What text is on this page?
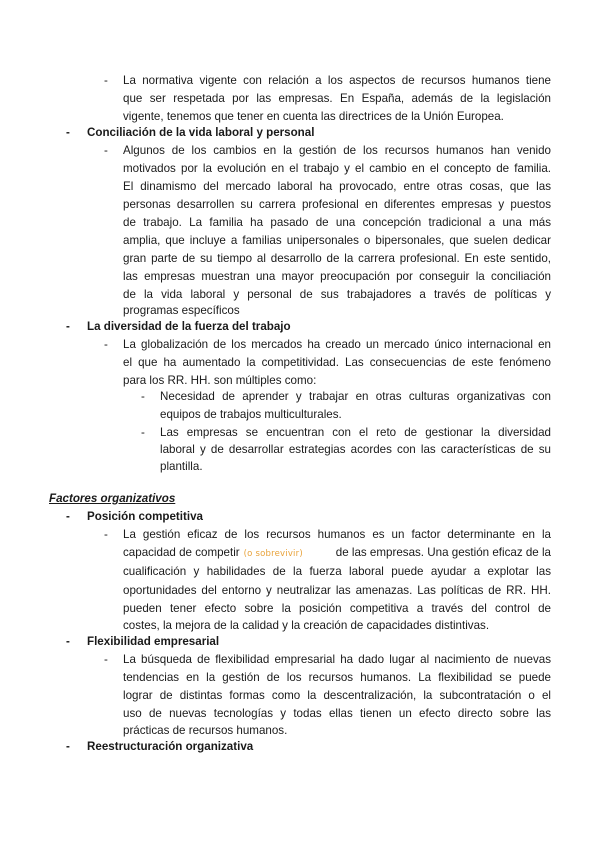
- La normativa vigente con relación a los aspectos de recursos humanos tiene
que ser respetada por las empresas. En España, además de la legislación
vigente, tenemos que tener en cuenta las directrices de la Unión Europea.
- Conciliación de la vida laboral y personal
- Algunos de los cambios en la gestión de los recursos humanos han venido
motivados por la evolución en el trabajo y el cambio en el concepto de familia.
El dinamismo del mercado laboral ha provocado, entre otras cosas, que las
personas desarrollen su carrera profesional en diferentes empresas y puestos
de trabajo. La familia ha pasado de una concepción tradicional a una más
amplia, que incluye a familias unipersonales o bipersonales, que suelen dedicar
gran parte de su tiempo al desarrollo de la carrera profesional. En este sentido,
las empresas muestran una mayor preocupación por conseguir la conciliación
de la vida laboral y personal de sus trabajadores a través de políticas y
programas específicos
- La diversidad de la fuerza del trabajo
- La globalización de los mercados ha creado un mercado único internacional en
el que ha aumentado la competitividad. Las consecuencias de este fenómeno
para los RR. HH. son múltiples como:
- Necesidad de aprender y trabajar en otras culturas organizativas con
equipos de trabajos multiculturales.
- Las empresas se encuentran con el reto de gestionar la diversidad
laboral y de desarrollar estrategias acordes con las características de su
plantilla.
Factores organizativos
- Posición competitiva
- La gestión eficaz de los recursos humanos es un factor determinante en la
capacidad de competir (o sobrevivir)	de las empresas. Una gestión eficaz de la
cualificación y habilidades de la fuerza laboral puede ayudar a explotar las
oportunidades del entorno y neutralizar las amenazas. Las políticas de RR. HH.
pueden tener efecto sobre la posición competitiva a través del control de
costes, la mejora de la calidad y la creación de capacidades distintivas.
- Flexibilidad empresarial
- La búsqueda de flexibilidad empresarial ha dado lugar al nacimiento de nuevas
tendencias en la gestión de los recursos humanos. La flexibilidad se puede
lograr de distintas formas como la descentralización, la subcontratación o el
uso de nuevas tecnologías y todas ellas tienen un efecto directo sobre las
prácticas de recursos humanos.
- Reestructuración organizativa
